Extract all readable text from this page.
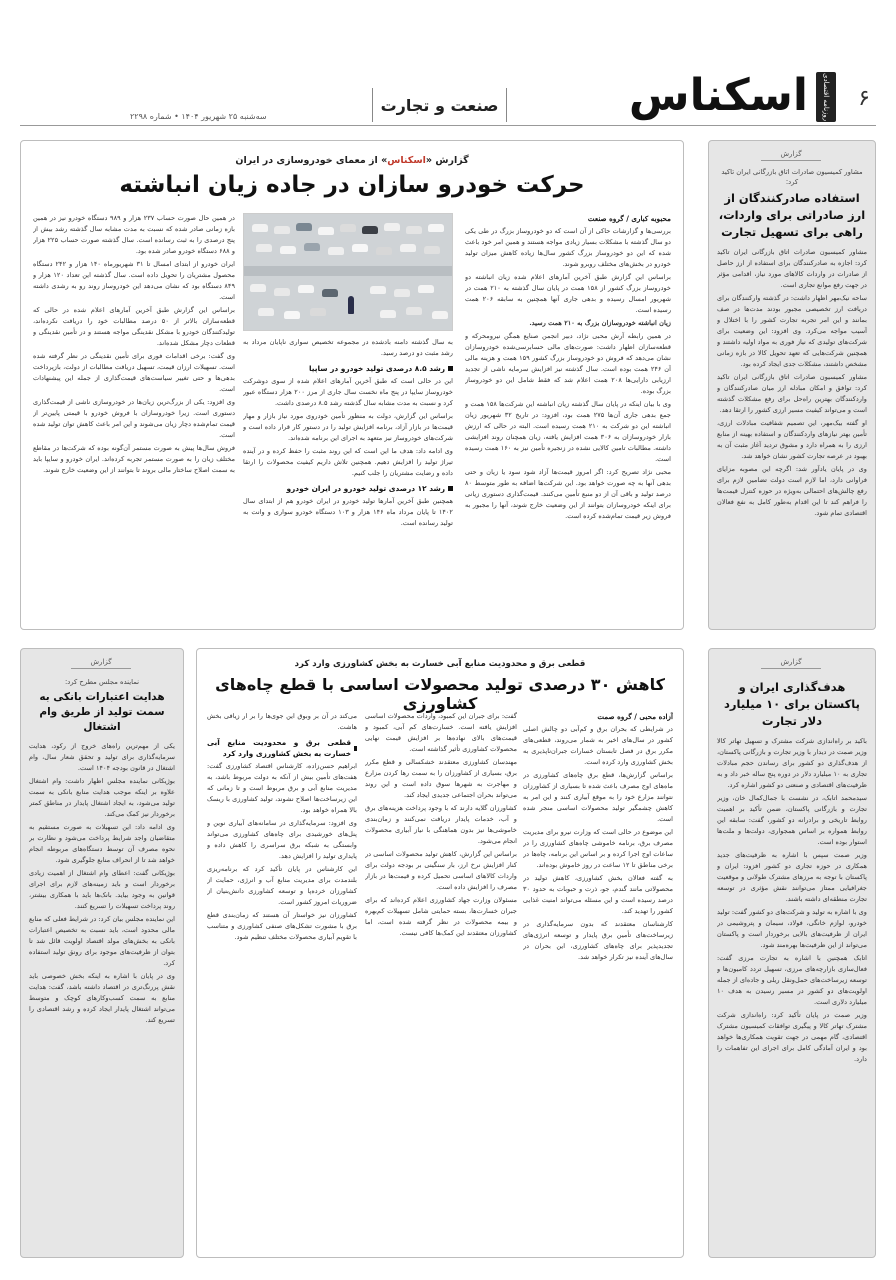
۶
روزنامه اقتصادی
اسکناس
صنعت و تجارت
سه‌شنبه ۲۵ شهریور ۱۴۰۴ • شماره ۲۲۹۸
گزارش
مشاور کمیسیون صادرات اتاق بازرگانی ایران تاکید کرد:
استفاده صادرکنندگان از ارز صادراتی برای واردات، راهی برای تسهیل تجارت

مشاور کمیسیون صادرات اتاق بازرگانی ایران تاکید کرد: اجازه به صادرکنندگان برای استفاده از ارز حاصل از صادرات در واردات کالاهای مورد نیاز، اقدامی مؤثر در جهت رفع موانع تجاری است.

ساحه نیک‌مهر اظهار داشت: در گذشته وارکنندگان برای دریافت ارز تخصیصی مجبور بودند مدت‌ها در صف بمانند و این امر تجربه تجارت کشور را با اختلال و آسیب مواجه می‌کرد. وی افزود: این وضعیت برای شرکت‌های تولیدی که نیاز فوری به مواد اولیه داشتند و همچنین شرکت‌هایی که تعهد تحویل کالا در بازه زمانی مشخص داشتند، مشکلات جدی ایجاد کرده بود.

مشاور کمیسیون صادرات اتاق بازرگانی ایران تاکید کرد: توافق و امکان مبادله ارز میان صادرکنندگان و واردکنندگان بهترین راه‌حل برای رفع مشکلات گذشته است و می‌تواند کیفیت مسیر ارزی کشور را ارتقا دهد.

او گفته بیک‌مهر، این تصمیم شفافیت مبادلات ارزی، تأمین بهتر نیازهای واردکنندگان و استفاده بهینه از منابع ارزی را به همراه دارد و مشوق تردید آغاز مثبت آن به بهبود در عرصه تجارت کشور نشان خواهد شد.

وی در پایان یادآور شد: اگرچه این مصوبه مزایای فراوانی دارد، اما لازم است دولت تضامین لازم برای رفع چالش‌های احتمالی به‌ویژه در حوزه کنترل قیمت‌ها را فراهم کند تا این اقدام به‌طور کامل به نفع فعالان اقتصادی تمام شود.

گزارش «اسکناس» از معمای خودروسازی در ایران
حرکت خودرو سازان در جاده زیان انباشته
محبوبه کباری / گروه صنعت

بررسی‌ها و گزارشات حاکی از آن است که دو خودروساز بزرگ در طی یکی دو سال گذشته با مشکلات بسیار زیادی مواجه هستند و همین امر خود باعث شده که این دو خودروساز بزرگ کشور سال‌ها زیاده کاهش میزان تولید خودرو در بخش‌های مختلف روبرو شوند.

براساس این گزارش طبق آخرین آمارهای اعلام شده زیان انباشته دو خودروساز بزرگ کشور از ۱۵۸ همت در پایان سال گذشته به ۲۱۰ همت در شهریور امسال رسیده و بدهی جاری آنها همچنین به سابقه ۲۰۶ همت رسیده است.

زیان انباشته خودروسازان بزرگ به ۲۱۰ همت رسید.

در همین رابطه آرش محبی نژاد، دبیر انجمن صنایع همگن نیرومحرکه و قطعه‌سازان اظهار داشت: صورت‌های مالی حسابرسی‌شده خودروسازان نشان می‌دهد که فروش دو خودروساز بزرگ کشور ۱۵۹ همت و هزینه مالی آن ۲۴۶ همت بوده است. سال گذشته نیز افزایش سرمایه ناشی از تجدید ارزیابی دارایی‌ها ۲۰۸ همت اعلام شد که فقط شامل این دو خودروساز بزرگ بوده.

وی با بیان اینکه در پایان سال گذشته زیان انباشته این شرکت‌ها ۱۵۸ همت و جمع بدهی جاری آن‌ها ۲۷۵ همت بود، افزود: در تاریخ ۳۲ شهریور زیان انباشته این دو شرکت به ۲۱۰ همت رسیده است. البته در حالی که ارزش بازار خودروسازان به ۳۰۶ همت افزایش یافته، زیان همچنان روند افزایشی داشته. مطالبات تامین کالایی نشده در زنجیره تأمین نیز به ۱۶۰ همت رسیده است.

محبی نژاد تصریح کرد: اگر امروز قیمت‌ها آزاد شود سود یا زیان و حتی بدهی آنها به چه صورت خواهد بود. این شرکت‌ها اضافه به طور متوسط ۸۰ درصد تولید و باقی آن از دو منبع تأمین می‌کنند. قیمت‌گذاری دستوری زیانی برای اینکه خودروسازان بتوانند از این وضعیت خارج شوند، آنها را مجبور به فروش زیر قیمت تمام‌شده کرده است.

به سال گذشته دامنه بادشده در مجموعه تخصیص سواری ناپایان مرداد به رشد مثبت دو درصد رسید.

رشد ۸.۵ درصدی تولید خودرو در ساپیا

این در حالی است که طبق آخرین آمارهای اعلام شده از سوی دوشرکت خودروساز سایپا در پنج ماه نخست سال جاری از مرز ۲۰۰ هزار دستگاه عبور کرد و نسبت به مدت مشابه سال گذشته رشد ۸.۵ درصدی داشت.

براساس این گزارش، دولت به منظور تأمین خودروی مورد نیاز بازار و مهار قیمت‌ها در بازار آزاد، برنامه افزایش تولید را در دستور کار قرار داده است و شرکت‌های خودروساز نیز متعهد به اجرای این برنامه شده‌اند.

وی ادامه داد: هدف ما این است که این روند مثبت را حفظ کرده و در آینده تیراژ تولید را افزایش دهیم. همچنین تلاش داریم کیفیت محصولات را ارتقا داده و رضایت مشتریان را جلب کنیم.

رشد ۱۲ درصدی تولید خودرو در ایران خودرو

همچنین طبق آخرین آمارها تولید خودرو در ایران خودرو هم از ابتدای سال ۱۴۰۲ تا پایان مرداد ماه ۱۴۶ هزار و ۱۰۳ دستگاه خودرو سواری و وانت به تولید رسانده است.

در همین حال صورت حساب ۲۳۷ هزار و ۹۸۹ دستگاه خودرو نیز در همین بازه زمانی صادر شده که نسبت به مدت مشابه سال گذشته رشد بیش از پنج درصدی را به ثبت رسانده است. سال گذشته صورت حساب ۲۲۵ هزار و ۶۸۸ دستگاه خودرو صادر شده بود.

ایران خودرو از ابتدای امسال تا ۳۱ شهریورماه ۱۴۰ هزار و ۲۴۲ دستگاه محصول مشتریان را تحویل داده است. سال گذشته این تعداد ۱۲۰ هزار و ۸۴۹ دستگاه بود که نشان می‌دهد این خودروساز روند رو به رشدی داشته است.

براساس این گزارش طبق آخرین آمارهای اعلام شده در حالی که قطعه‌سازان بالاتر از ۵۰ درصد مطالبات خود را دریافت نکرده‌اند، تولیدکنندگان خودرو با مشکل نقدینگی مواجه هستند و در تأمین نقدینگی و قطعات دچار مشکل شده‌اند.

وی گفت: برخی اقدامات فوری برای تأمین نقدینگی در نظر گرفته شده است. تسهیلات ارزان قیمت، تسهیل دریافت مطالبات از دولت، بازپرداخت بدهی‌ها و حتی تغییر سیاست‌های قیمت‌گذاری از جمله این پیشنهادات است.

وی افزود: یکی از بزرگ‌ترین زیان‌ها در خودروسازی ناشی از قیمت‌گذاری دستوری است. زیرا خودروسازان با فروش خودرو با قیمتی پایین‌تر از قیمت تمام‌شده دچار زیان می‌شوند و این امر باعث کاهش توان تولید شده است.

فروش سال‌ها پیش به صورت مستمر آن‌گونه بوده که شرکت‌ها در مقاطع مختلف زیان را به صورت مستمر تجربه کرده‌اند. ایران خودرو و سایپا باید به سمت اصلاح ساختار مالی بروند تا بتوانند از این وضعیت خارج شوند.

گزارش
هدف‌گذاری ایران و پاکستان برای ۱۰ میلیارد دلار تجارت

باکید بر راه‌اندازی شرکت مشترک و تسهیل تهاتر کالا وزیر صمت در دیدار با وزیر تجارت و بازرگانی پاکستان، از هدف‌گذاری دو کشور برای رساندن حجم مبادلات تجاری به ۱۰ میلیارد دلار در دوره پنج ساله خبر داد و به ظرفیت‌های اقتصادی و صنعتی دو کشور اشاره کرد.

سیدمحمد اتابک، در نشست با جمال‌کمال خان، وزیر تجارت و بازرگانی پاکستان، ضمن تأکید بر اهمیت روابط تاریخی و برادرانه دو کشور، گفت: سابقه این روابط همواره بر اساس همجواری، دولت‌ها و ملت‌ها استوار بوده است.

وزیر صمت سپس با اشاره به ظرفیت‌های جدید همکاری در حوزه تجاری دو کشور افزود: ایران و پاکستان با توجه به مرزهای مشترک طولانی و موقعیت جغرافیایی ممتاز می‌توانند نقش مؤثری در توسعه تجارت منطقه‌ای داشته باشند.

وی با اشاره به تولید و شرکت‌های دو کشور گفت: تولید خودرو، لوازم خانگی، فولاد، سیمان و پتروشیمی در ایران از ظرفیت‌های بالایی برخوردار است و پاکستان می‌تواند از این ظرفیت‌ها بهره‌مند شود.

اتابک همچنین با اشاره به تجارت مرزی گفت: فعال‌سازی بازارچه‌های مرزی، تسهیل تردد کامیون‌ها و توسعه زیرساخت‌های حمل‌ونقل ریلی و جاده‌ای از جمله اولویت‌های دو کشور در مسیر رسیدن به هدف ۱۰ میلیارد دلاری است.

وزیر صمت در پایان تأکید کرد: راه‌اندازی شرکت مشترک تهاتر کالا و پیگیری توافقات کمیسیون مشترک اقتصادی، گام مهمی در جهت تقویت همکاری‌ها خواهد بود و ایران آمادگی کامل برای اجرای این تفاهمات را دارد.

قطعی برق و محدودیت منابع آبی خسارت به بخش کشاورزی وارد کرد
کاهش ۳۰ درصدی تولید محصولات اساسی با قطع چاه‌های کشاورزی
آزاده محبی / گروه صمت

در شرایطی که بحران برق و کم‌آبی دو چالش اصلی کشور در سال‌های اخیر به شمار می‌روند، قطعی‌های مکرر برق در فصل تابستان خسارات جبران‌ناپذیری به بخش کشاورزی وارد کرده است.

براساس گزارش‌ها، قطع برق چاه‌های کشاورزی در ماه‌های اوج مصرف باعث شده تا بسیاری از کشاورزان نتوانند مزارع خود را به موقع آبیاری کنند و این امر به کاهش چشمگیر تولید محصولات اساسی منجر شده است.

این موضوع در حالی است که وزارت نیرو برای مدیریت مصرف برق، برنامه خاموشی چاه‌های کشاورزی را در ساعات اوج اجرا کرده و بر اساس این برنامه، چاه‌ها در برخی مناطق تا ۱۲ ساعت در روز خاموش بوده‌اند.

به گفته فعالان بخش کشاورزی، کاهش تولید در محصولاتی مانند گندم، جو، ذرت و حبوبات به حدود ۳۰ درصد رسیده است و این مسئله می‌تواند امنیت غذایی کشور را تهدید کند.

کارشناسان معتقدند که بدون سرمایه‌گذاری در زیرساخت‌های تأمین برق پایدار و توسعه انرژی‌های تجدیدپذیر برای چاه‌های کشاورزی، این بحران در سال‌های آینده نیز تکرار خواهد شد.

گفت: برای جبران این کمبود، واردات محصولات اساسی افزایش یافته است. خسارت‌های کم آبی، کمبود و قیمت‌های بالای نهاده‌ها بر افزایش قیمت نهایی محصولات کشاورزی تأثیر گذاشته است.

مهندسان کشاورزی معتقدند خشکسالی و قطع مکرر برق، بسیاری از کشاورزان را به سمت رها کردن مزارع و مهاجرت به شهرها سوق داده است و این روند می‌تواند بحران اجتماعی جدیدی ایجاد کند.

کشاورزان گلایه دارند که با وجود پرداخت هزینه‌های برق و آب، خدمات پایدار دریافت نمی‌کنند و زمان‌بندی خاموشی‌ها نیز بدون هماهنگی با نیاز آبیاری محصولات انجام می‌شود.

براساس این گزارش، کاهش تولید محصولات اساسی در کنار افزایش نرخ ارز، بار سنگینی بر بودجه دولت برای واردات کالاهای اساسی تحمیل کرده و قیمت‌ها در بازار مصرف را افزایش داده است.

مسئولان وزارت جهاد کشاورزی اعلام کرده‌اند که برای جبران خسارت‌ها، بسته حمایتی شامل تسهیلات کم‌بهره و بیمه محصولات در نظر گرفته شده است، اما کشاورزان معتقدند این کمک‌ها کافی نیست.

می‌کند در آن بر وبوق این جوی‌ها را بر ار زیافی بخش هاشت.

قطعی برق و محدودیت منابع آبی خسارت به بخش کشاورزی وارد کرد

ابراهیم حسن‌زاده، کارشناس اقتصاد کشاورزی گفت: هفت‌های تأمین بیش از آنکه به دولت مربوط باشد، به مدیریت منابع آبی و برق مربوط است و تا زمانی که این زیرساخت‌ها اصلاح نشوند، تولید کشاورزی با ریسک بالا همراه خواهد بود.

وی افزود: سرمایه‌گذاری در سامانه‌های آبیاری نوین و پنل‌های خورشیدی برای چاه‌های کشاورزی می‌تواند وابستگی به شبکه برق سراسری را کاهش داده و پایداری تولید را افزایش دهد.

این کارشناس در پایان تأکید کرد که برنامه‌ریزی بلندمدت برای مدیریت منابع آب و انرژی، حمایت از کشاورزان خرده‌پا و توسعه کشاورزی دانش‌بنیان از ضروریات امروز کشور است.

کشاورزان نیز خواستار آن هستند که زمان‌بندی قطع برق با مشورت تشکل‌های صنفی کشاورزی و متناسب با تقویم آبیاری محصولات مختلف تنظیم شود.

گزارش
نماینده مجلس مطرح کرد:
هدایت اعتبارات بانکی به سمت تولید از طریق وام اشتغال

یکی از مهم‌ترین راه‌های خروج از رکود، هدایت سرمایه‌گذاری برای تولید و تحقق شعار سال، وام اشتغال در قانون بودجه ۱۴۰۴ است.

بوژیکانی نماینده مجلس اظهار داشت: وام اشتغال علاوه بر اینکه موجب هدایت منابع بانکی به سمت تولید می‌شود، به ایجاد اشتغال پایدار در مناطق کمتر برخوردار نیز کمک می‌کند.

وی ادامه داد: این تسهیلات به صورت مستقیم به متقاضیان واجد شرایط پرداخت می‌شود و نظارت بر نحوه مصرف آن توسط دستگاه‌های مربوطه انجام خواهد شد تا از انحراف منابع جلوگیری شود.

بوژیکانی گفت: اعطای وام اشتغال از اهمیت زیادی برخوردار است و باید زمینه‌های لازم برای اجرای قوانین به وجود بیاید. بانک‌ها باید با همکاری بیشتر، روند پرداخت تسهیلات را تسریع کنند.

این نماینده مجلس بیان کرد: در شرایط فعلی که منابع مالی محدود است، باید نسبت به تخصیص اعتبارات بانکی به بخش‌های مولد اقتصاد اولویت قائل شد تا بتوان از ظرفیت‌های موجود برای رونق تولید استفاده کرد.

وی در پایان با اشاره به اینکه بخش خصوصی باید نقش پررنگ‌تری در اقتصاد داشته باشد، گفت: هدایت منابع به سمت کسب‌وکارهای کوچک و متوسط می‌تواند اشتغال پایدار ایجاد کرده و رشد اقتصادی را تسریع کند.
